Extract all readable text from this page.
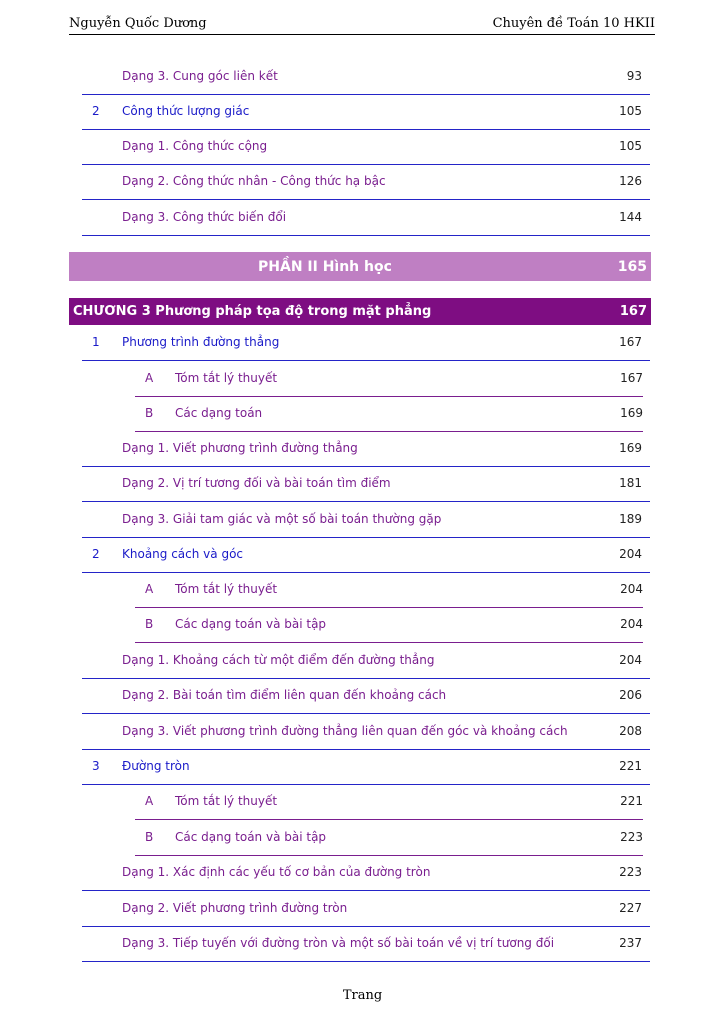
Nguyễn Quốc Dương	Chuyên đề Toán 10 HKII
Dạng 3. Cung góc liên kết	93
2 Công thức lượng giác	105
Dạng 1. Công thức cộng	105
Dạng 2. Công thức nhân - Công thức hạ bậc	126
Dạng 3. Công thức biến đổi	144
PHẦN II Hình học	165
CHƯƠNG 3 Phương pháp tọa độ trong mặt phẳng	167
1 Phương trình đường thẳng	167
A Tóm tắt lý thuyết	167
B Các dạng toán	169
Dạng 1. Viết phương trình đường thẳng	169
Dạng 2. Vị trí tương đối và bài toán tìm điểm	181
Dạng 3. Giải tam giác và một số bài toán thường gặp	189
2 Khoảng cách và góc	204
A Tóm tắt lý thuyết	204
B Các dạng toán và bài tập	204
Dạng 1. Khoảng cách từ một điểm đến đường thẳng	204
Dạng 2. Bài toán tìm điểm liên quan đến khoảng cách	206
Dạng 3. Viết phương trình đường thẳng liên quan đến góc và khoảng cách	208
3 Đường tròn	221
A Tóm tắt lý thuyết	221
B Các dạng toán và bài tập	223
Dạng 1. Xác định các yếu tố cơ bản của đường tròn	223
Dạng 2. Viết phương trình đường tròn	227
Dạng 3. Tiếp tuyến với đường tròn và một số bài toán về vị trí tương đối	237
Trang
